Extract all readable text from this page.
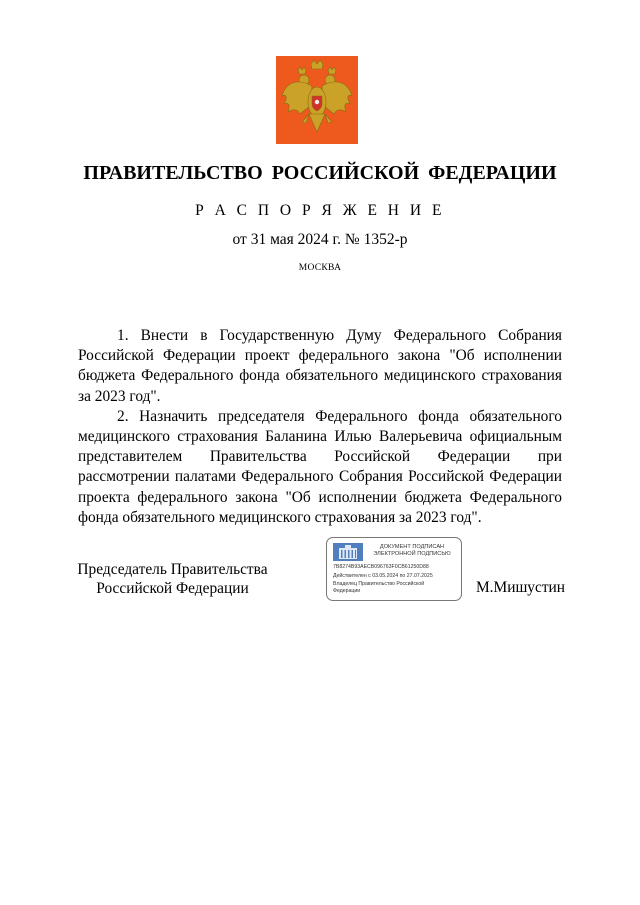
ПРАВИТЕЛЬСТВО РОССИЙСКОЙ ФЕДЕРАЦИИ
Р А С П О Р Я Ж Е Н И Е
от 31 мая 2024 г. № 1352-р
МОСКВА

1. Внести в Государственную Думу Федерального Собрания Российской Федерации проект федерального закона "Об исполнении бюджета Федерального фонда обязательного медицинского страхования за 2023 год".

2. Назначить председателя Федерального фонда обязательного медицинского страхования Баланина Илью Валерьевича официальным представителем Правительства Российской Федерации при рассмотрении палатами Федерального Собрания Российской Федерации проекта федерального закона "Об исполнении бюджета Федерального фонда обязательного медицинского страхования за 2023 год".

Председатель Правительства
Российской Федерации
ДОКУМЕНТ ПОДПИСАН
ЭЛЕКТРОННОЙ ПОДПИСЬЮ
7B8274B93AECB096763F0CB61250D88
Действителен с 03.05.2024 по 27.07.2025
Владелец Правительство Российской
Федерации	М.Мишустин
